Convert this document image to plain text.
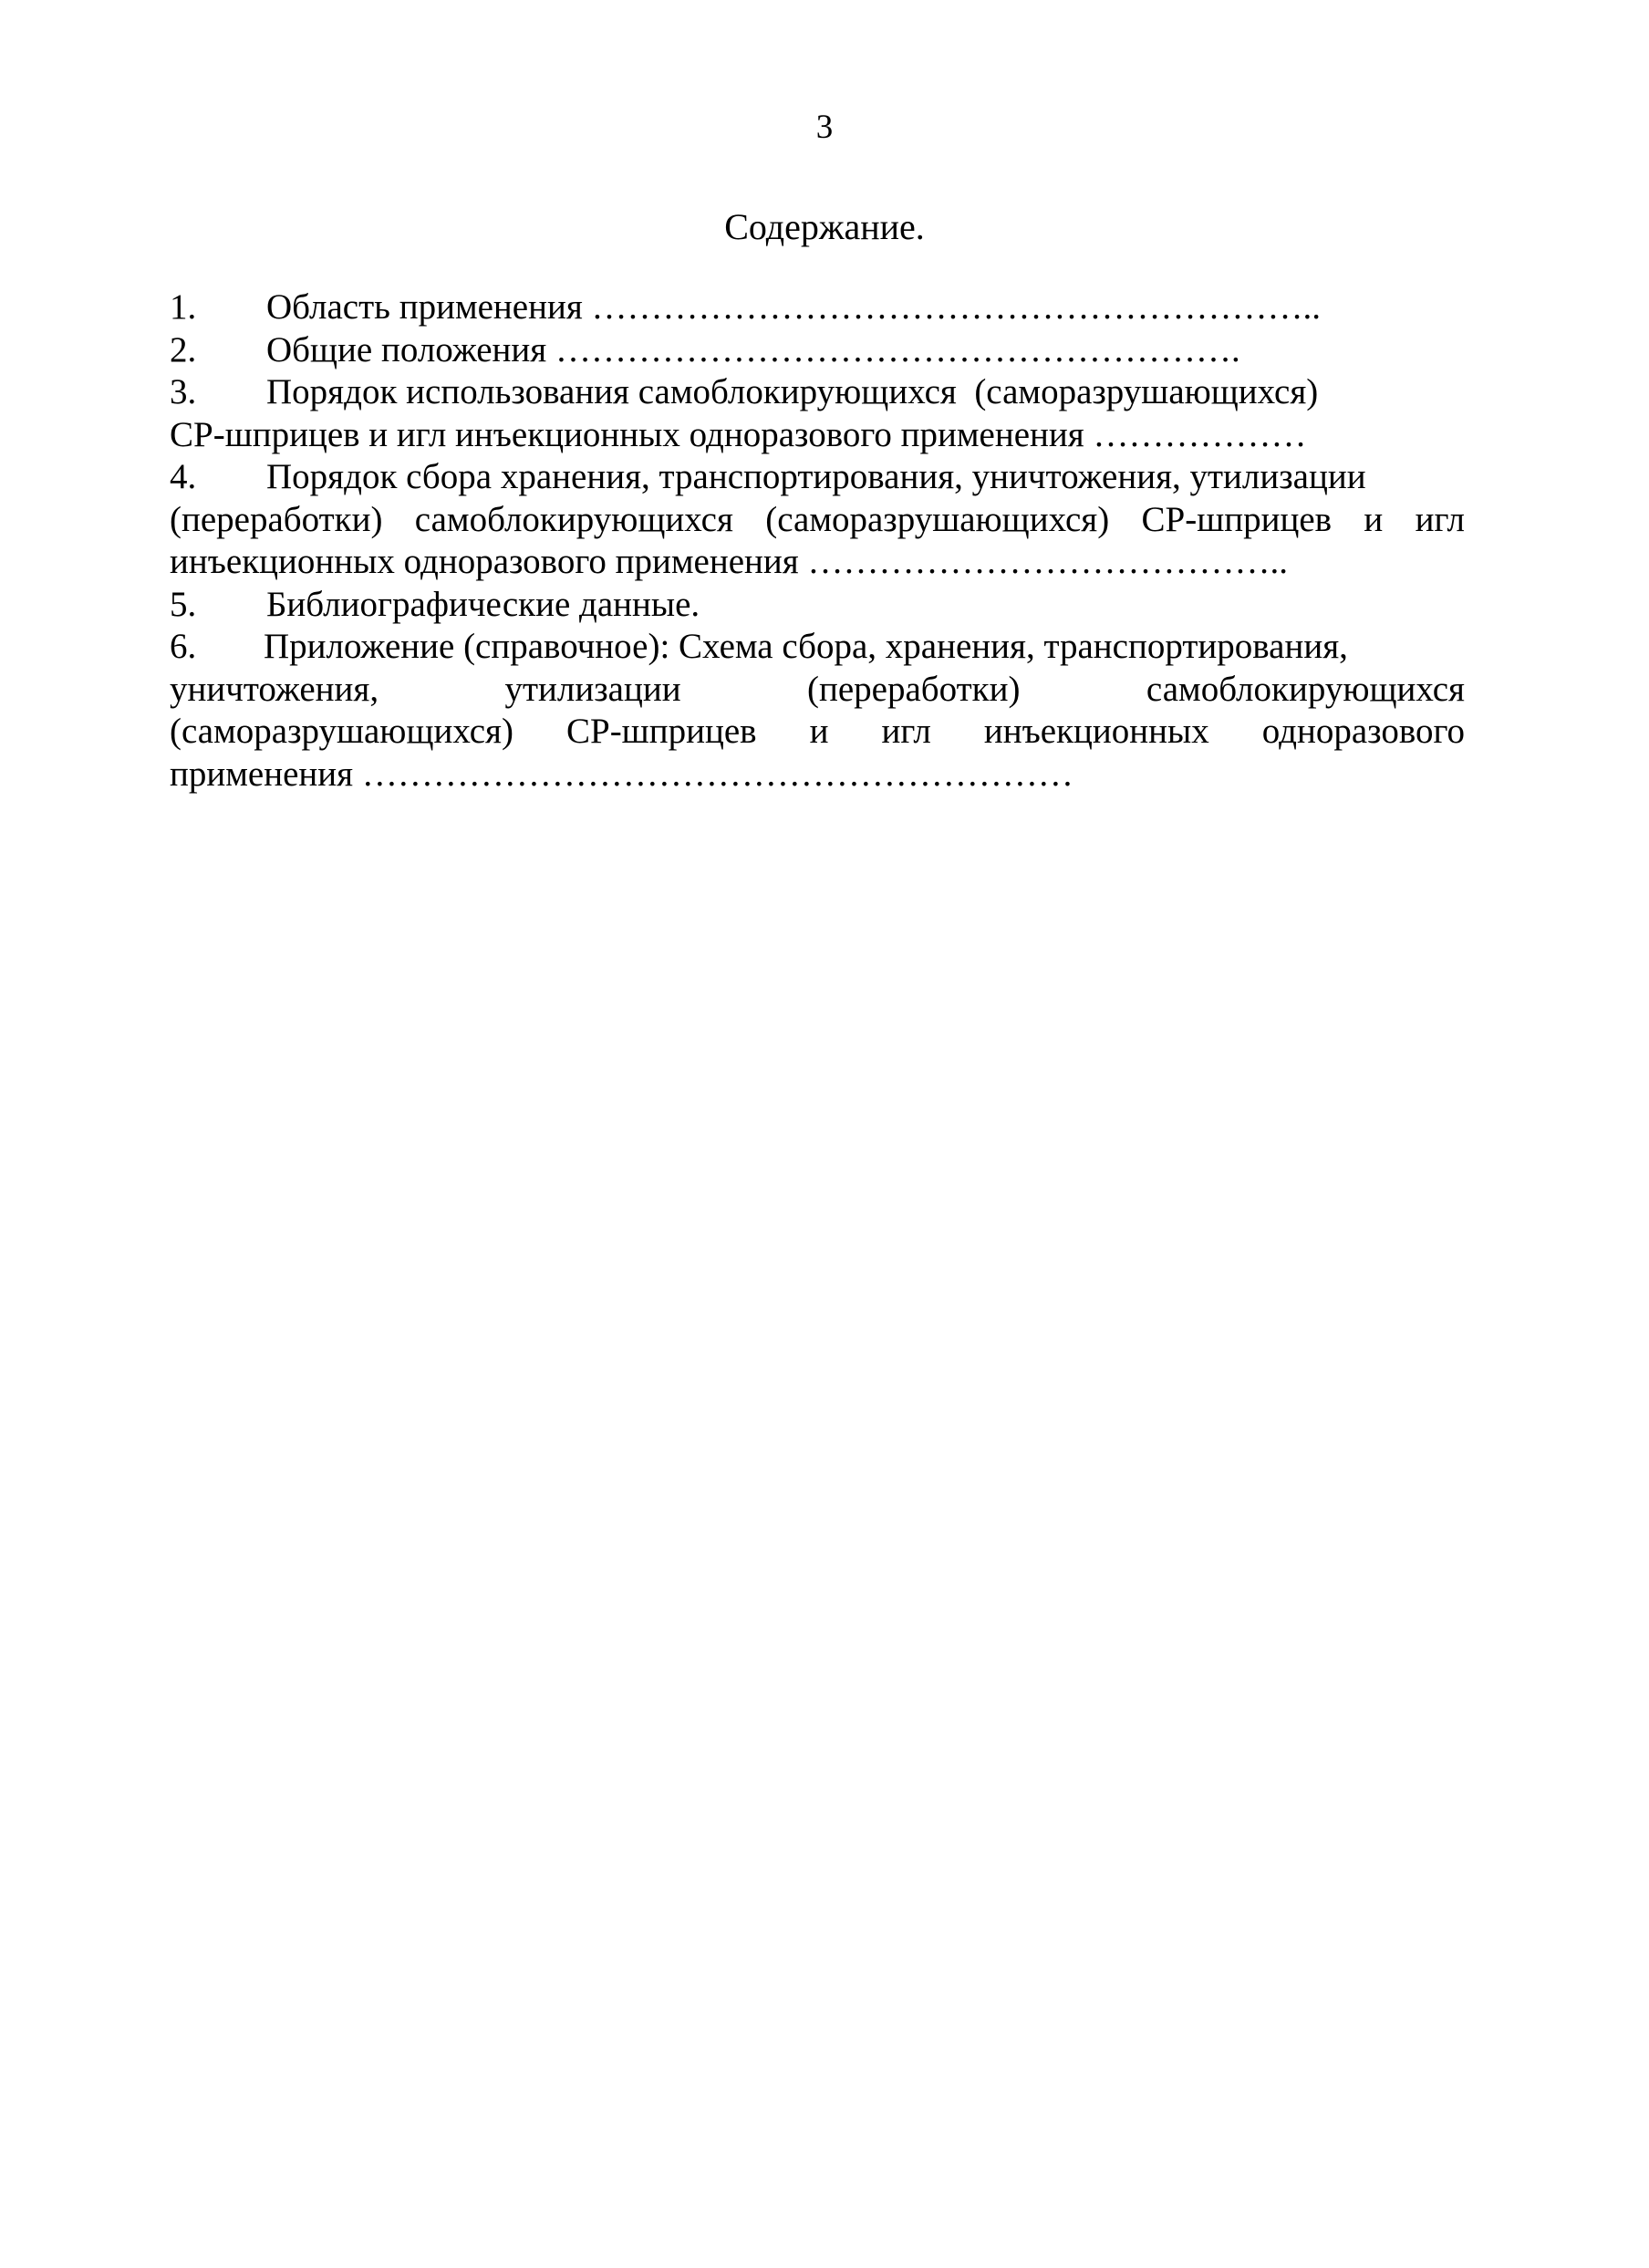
3
Содержание.
1. Область применения ……………………………………………………..
2. Общие положения ………………………………………………….
3. Порядок использования самоблокирующихся  (саморазрушающихся)
СР-шприцев и игл инъекционных одноразового применения ………………
4. Порядок сбора хранения, транспортирования, уничтожения, утилизации
(переработки) самоблокирующихся (саморазрушающихся) СР-шприцев и игл
инъекционных одноразового применения …………………………………..
5. Библиографические данные.
6. Приложение (справочное): Схема сбора, хранения, транспортирования,
уничтожения, утилизации (переработки) самоблокирующихся
(саморазрушающихся) СР-шприцев и игл инъекционных одноразового
применения ……………………………………………………
